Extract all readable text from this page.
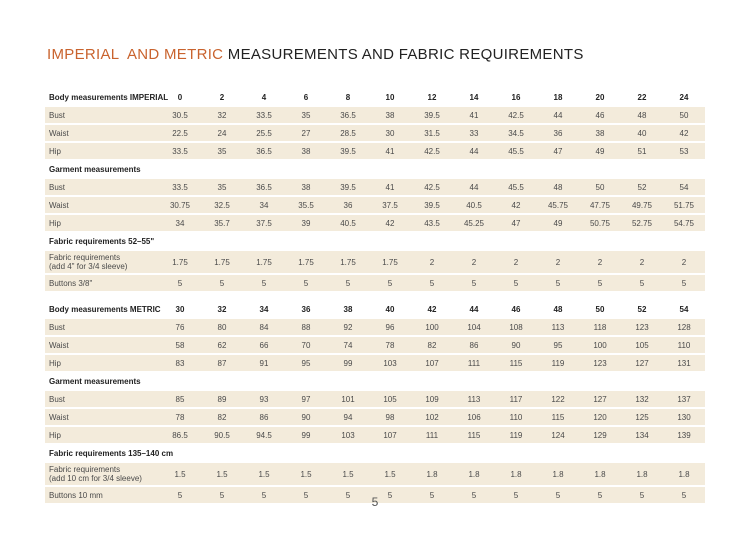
IMPERIAL  AND METRIC MEASUREMENTS AND FABRIC REQUIREMENTS
Body measurements IMPERIAL	0	2	4	6	8	10	12	14	16	18	20	22	24
Bust	30.5	32	33.5	35	36.5	38	39.5	41	42.5	44	46	48	50
Waist	22.5	24	25.5	27	28.5	30	31.5	33	34.5	36	38	40	42
Hip	33.5	35	36.5	38	39.5	41	42.5	44	45.5	47	49	51	53
Garment measurements													
Bust	33.5	35	36.5	38	39.5	41	42.5	44	45.5	48	50	52	54
Waist	30.75	32.5	34	35.5	36	37.5	39.5	40.5	42	45.75	47.75	49.75	51.75
Hip	34	35.7	37.5	39	40.5	42	43.5	45.25	47	49	50.75	52.75	54.75
Fabric requirements 52–55"													

Fabric requirements
(add 4" for 3/4 sleeve)	1.75	1.75	1.75	1.75	1.75	1.75	2	2	2	2	2	2	2
Buttons 3/8"	5	5	5	5	5	5	5	5	5	5	5	5	5

Body measurements METRIC	30	32	34	36	38	40	42	44	46	48	50	52	54
Bust	76	80	84	88	92	96	100	104	108	113	118	123	128
Waist	58	62	66	70	74	78	82	86	90	95	100	105	110
Hip	83	87	91	95	99	103	107	111	115	119	123	127	131
Garment measurements													
Bust	85	89	93	97	101	105	109	113	117	122	127	132	137
Waist	78	82	86	90	94	98	102	106	110	115	120	125	130
Hip	86.5	90.5	94.5	99	103	107	111	115	119	124	129	134	139
Fabric requirements 135–140 cm													

Fabric requirements
(add 10 cm for 3/4 sleeve)	1.5	1.5	1.5	1.5	1.5	1.5	1.8	1.8	1.8	1.8	1.8	1.8	1.8
Buttons 10 mm	5	5	5	5	5	5	5	5	5	5	5	5	5
5
